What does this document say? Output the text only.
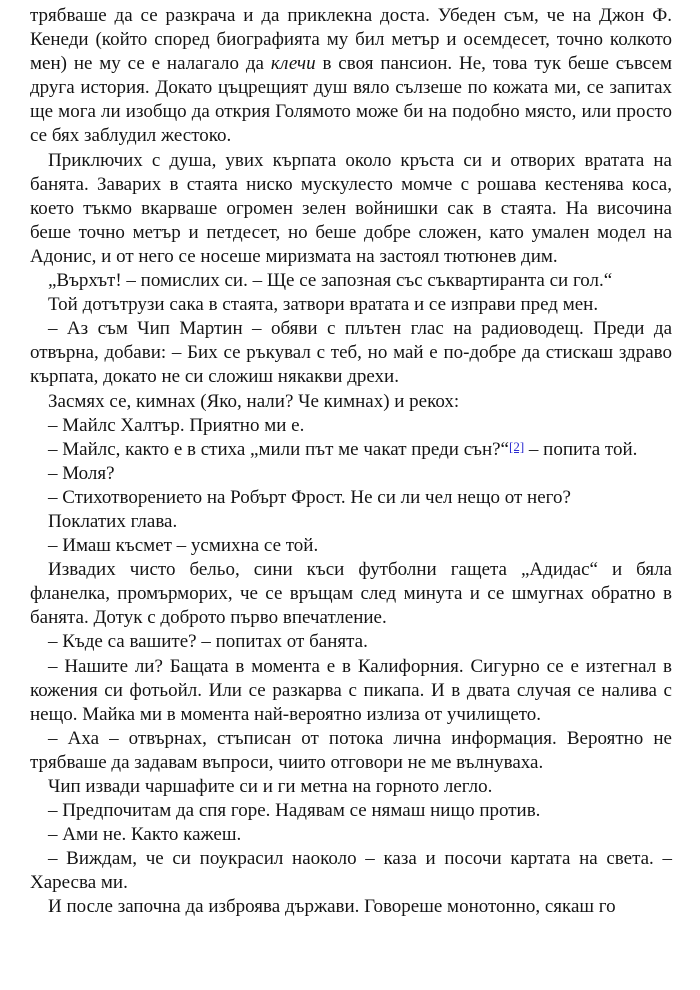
трябваше да се разкрача и да приклекна доста. Убеден съм, че на Джон Ф. Кенеди (който според биографията му бил метър и осемдесет, точно колкото мен) не му се е налагало да клечи в своя пансион. Не, това тук беше съвсем друга история. Докато цъцрещият душ вяло сълзеше по кожата ми, се запитах ще мога ли изобщо да открия Голямото може би на подобно място, или просто се бях заблудил жестоко.

Приключих с душа, увих кърпата около кръста си и отворих вратата на банята. Заварих в стаята ниско мускулесто момче с рошава кестенява коса, което тъкмо вкарваше огромен зелен войнишки сак в стаята. На височина беше точно метър и петдесет, но беше добре сложен, като умален модел на Адонис, и от него се носеше миризмата на застоял тютюнев дим.

„Върхът! – помислих си. – Ще се запозная със съквартиранта си гол.“

Той дотътрузи сака в стаята, затвори вратата и се изправи пред мен.

– Аз съм Чип Мартин – обяви с плътен глас на радиоводещ. Преди да отвърна, добави: – Бих се ръкувал с теб, но май е по-добре да стискаш здраво кърпата, докато не си сложиш някакви дрехи.

Засмях се, кимнах (Яко, нали? Че кимнах) и рекох:

– Майлс Халтър. Приятно ми е.

– Майлс, както е в стиха „мили път ме чакат преди сън?“[2] – попита той.

– Моля?

– Стихотворението на Робърт Фрост. Не си ли чел нещо от него?

Поклатих глава.

– Имаш късмет – усмихна се той.

Извадих чисто бельо, сини къси футболни гащета „Адидас“ и бяла фланелка, промърморих, че се връщам след минута и се шмугнах обратно в банята. Дотук с доброто първо впечатление.

– Къде са вашите? – попитах от банята.

– Нашите ли? Бащата в момента е в Калифорния. Сигурно се е изтегнал в кожения си фотьойл. Или се разкарва с пикапа. И в двата случая се налива с нещо. Майка ми в момента най-вероятно излиза от училището.

– Аха – отвърнах, стъписан от потока лична информация. Вероятно не трябваше да задавам въпроси, чиито отговори не ме вълнуваха.

Чип извади чаршафите си и ги метна на горното легло.

– Предпочитам да спя горе. Надявам се нямаш нищо против.

– Ами не. Както кажеш.

– Виждам, че си поукрасил наоколо – каза и посочи картата на света. – Харесва ми.

И после започна да изброява държави. Говореше монотонно, сякаш го
